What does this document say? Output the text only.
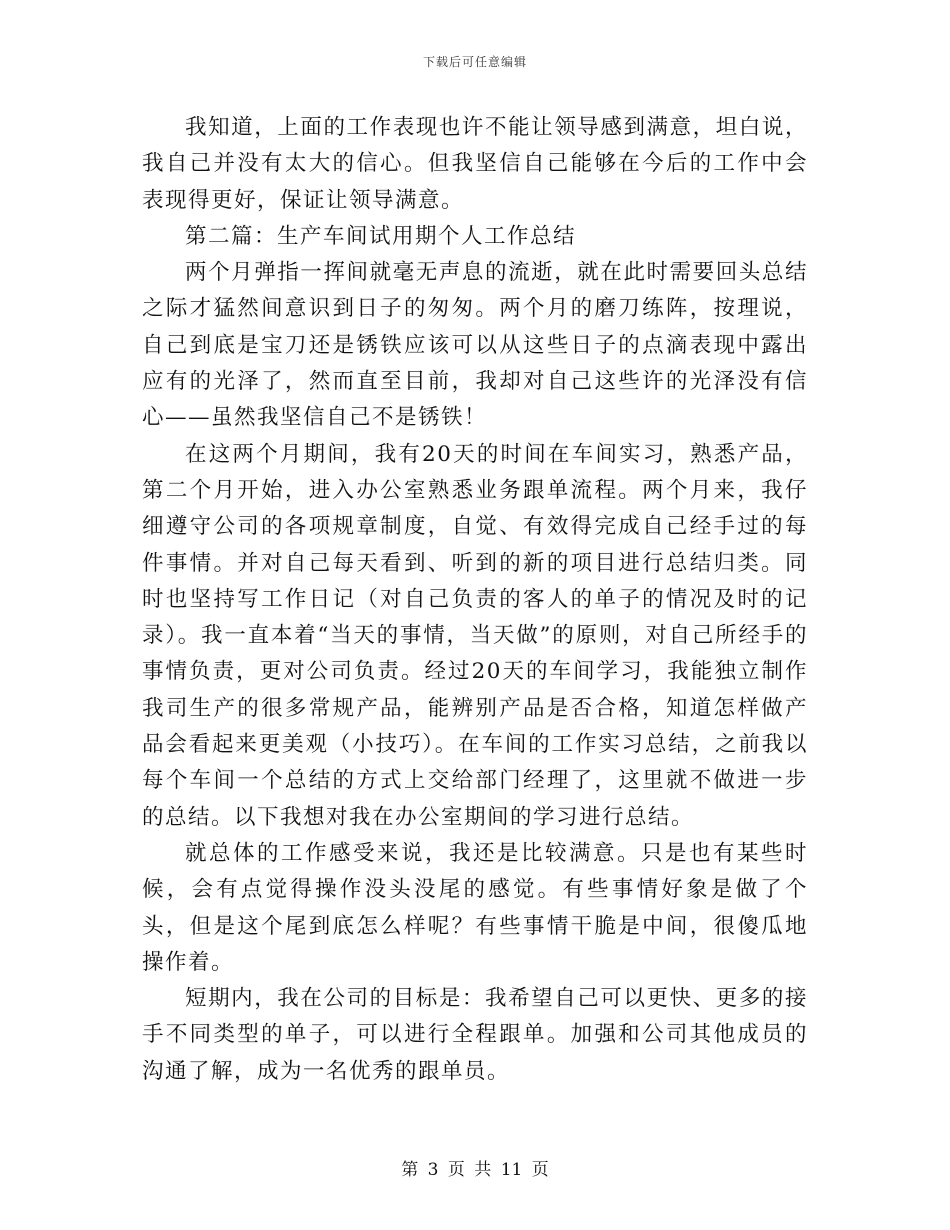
下载后可任意编辑

我知道，上面的工作表现也许不能让领导感到满意，坦白说，我自己并没有太大的信心。但我坚信自己能够在今后的工作中会表现得更好，保证让领导满意。

第二篇：生产车间试用期个人工作总结

两个月弹指一挥间就毫无声息的流逝，就在此时需要回头总结之际才猛然间意识到日子的匆匆。两个月的磨刀练阵，按理说，自己到底是宝刀还是锈铁应该可以从这些日子的点滴表现中露出应有的光泽了，然而直至目前，我却对自己这些许的光泽没有信心——虽然我坚信自己不是锈铁！

在这两个月期间，我有20天的时间在车间实习，熟悉产品，第二个月开始，进入办公室熟悉业务跟单流程。两个月来，我仔细遵守公司的各项规章制度，自觉、有效得完成自己经手过的每件事情。并对自己每天看到、听到的新的项目进行总结归类。同时也坚持写工作日记（对自己负责的客人的单子的情况及时的记录）。我一直本着“当天的事情，当天做”的原则，对自己所经手的事情负责，更对公司负责。经过20天的车间学习，我能独立制作我司生产的很多常规产品，能辨别产品是否合格，知道怎样做产品会看起来更美观（小技巧）。在车间的工作实习总结，之前我以每个车间一个总结的方式上交给部门经理了，这里就不做进一步的总结。以下我想对我在办公室期间的学习进行总结。

就总体的工作感受来说，我还是比较满意。只是也有某些时候，会有点觉得操作没头没尾的感觉。有些事情好象是做了个头，但是这个尾到底怎么样呢？有些事情干脆是中间，很傻瓜地操作着。

短期内，我在公司的目标是：我希望自己可以更快、更多的接手不同类型的单子，可以进行全程跟单。加强和公司其他成员的沟通了解，成为一名优秀的跟单员。

第 3 页 共 11 页
